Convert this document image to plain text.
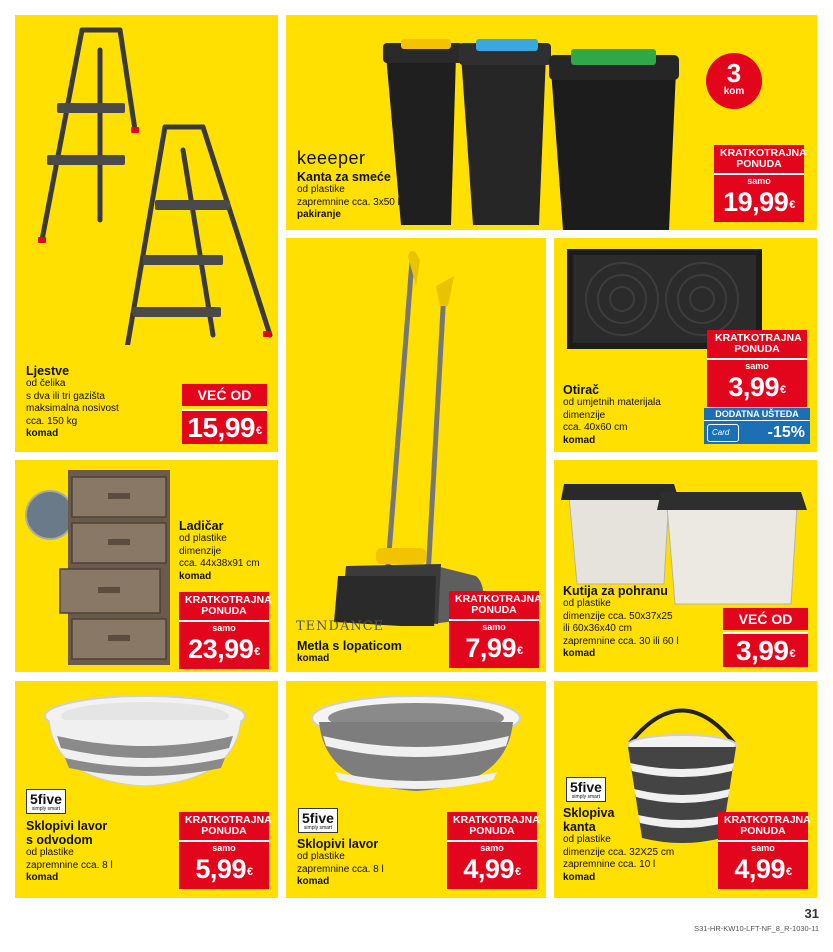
Ljestve
od čelika
s dva ili tri gazišta
maksimalna nosivost
cca. 150 kg
komad
VEĆ OD
15,99€
3
kom
keeeper
Kanta za smeće
od plastike
zapremnine cca. 3x50 l
pakiranje
KRATKOTRAJNA PONUDA
samo
19,99€
TENDANCE
Metla s lopaticom
komad
KRATKOTRAJNA PONUDA
samo
7,99€
Otirač
od umjetnih materijala
dimenzije
cca. 40x60 cm
komad
KRATKOTRAJNA PONUDA
samo
3,99€
DODATNA UŠTEDA
Card	-15%
Ladičar
od plastike
dimenzije
cca. 44x38x91 cm
komad
KRATKOTRAJNA PONUDA
samo
23,99€
Kutija za pohranu
od plastike
dimenzije cca. 50x37x25
ili 60x36x40 cm
zapremnine cca. 30 ili 60 l
komad
VEĆ OD
3,99€
5five
simply smart
Sklopivi lavor
s odvodom
od plastike
zapremnine cca. 8 l
komad
KRATKOTRAJNA PONUDA
samo
5,99€
5five
simply smart
Sklopivi lavor
od plastike
zapremnine cca. 8 l
komad
KRATKOTRAJNA PONUDA
samo
4,99€
5five
simply smart
Sklopiva
kanta
od plastike
dimenzije cca. 32X25 cm
zapremnine cca. 10 l
komad
KRATKOTRAJNA PONUDA
samo
4,99€
31
S31-HR-KW10-LFT-NF_8_R-1030-11
